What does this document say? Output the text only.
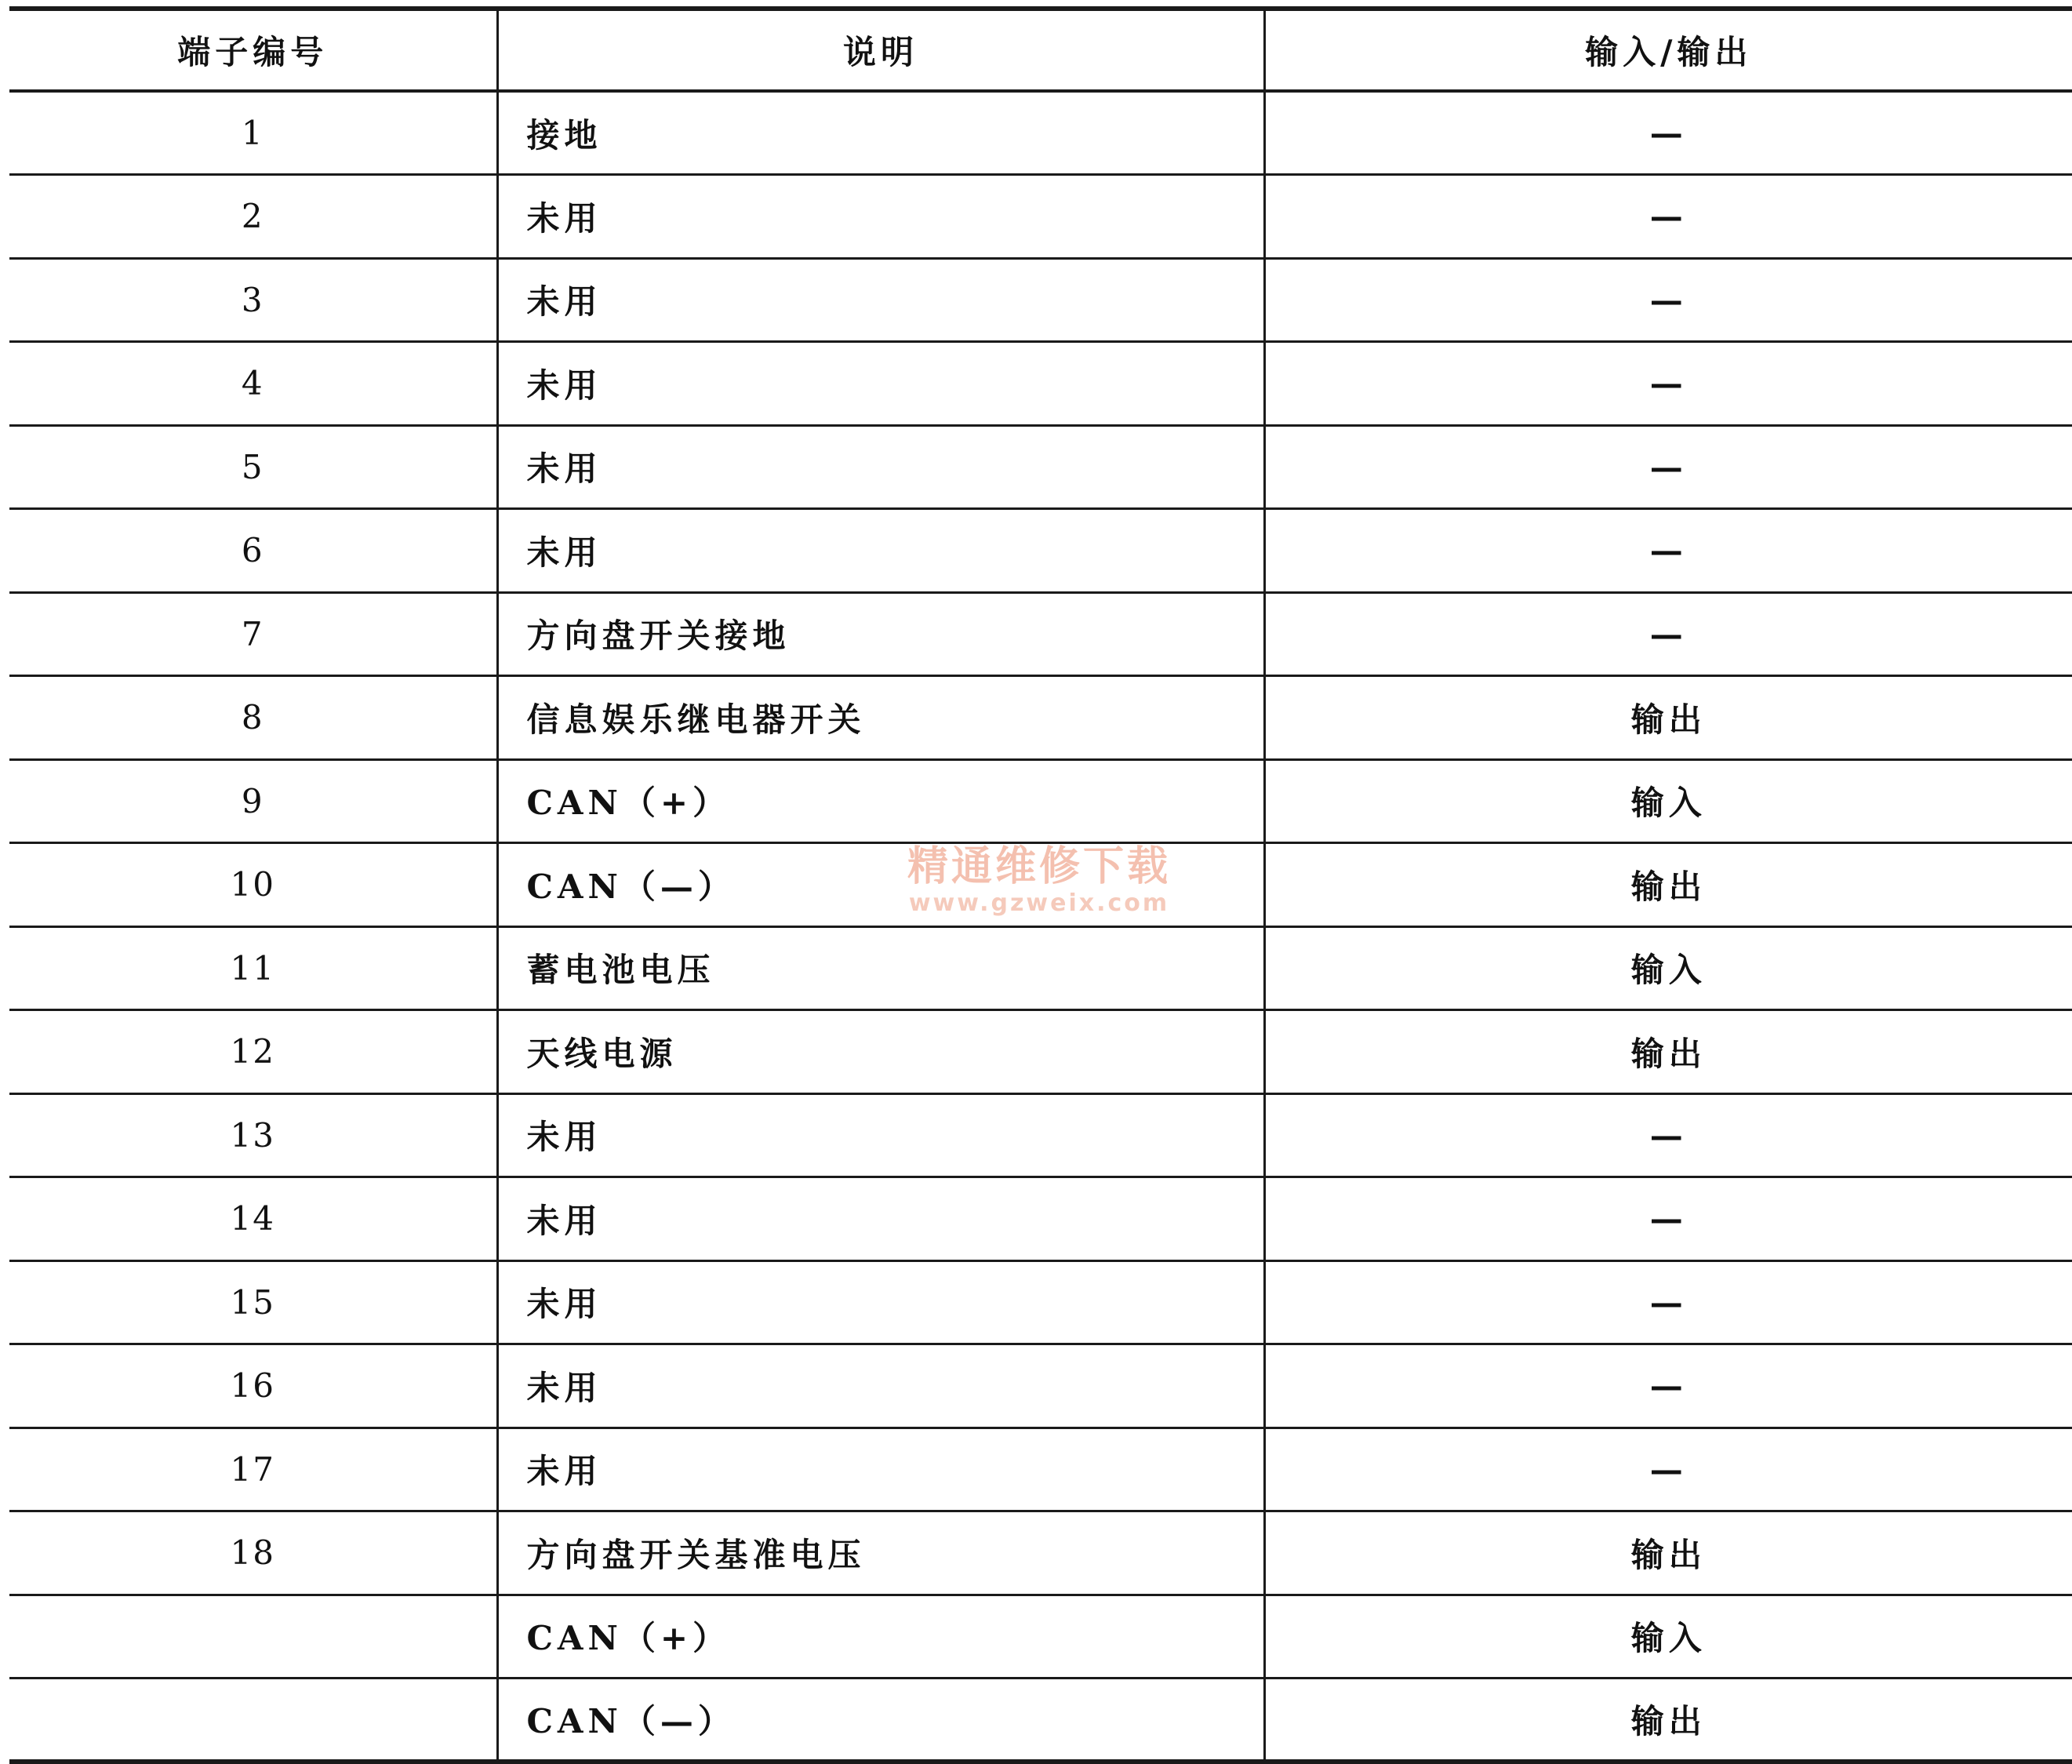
端子编号	说明	输入/输出
1	接地	—
2	未用	—
3	未用	—
4	未用	—
5	未用	—
6	未用	—
7	方向盘开关接地	—
8	信息娱乐继电器开关	输出
9	CAN（+）	输入
10	CAN（—）	输出
11	蓄电池电压	输入
12	天线电源	输出
13	未用	—
14	未用	—
15	未用	—
16	未用	—
17	未用	—
18	方向盘开关基准电压	输出
	CAN（+）	输入
	CAN（—）	输出
精通维修下载
www.gzweix.com
